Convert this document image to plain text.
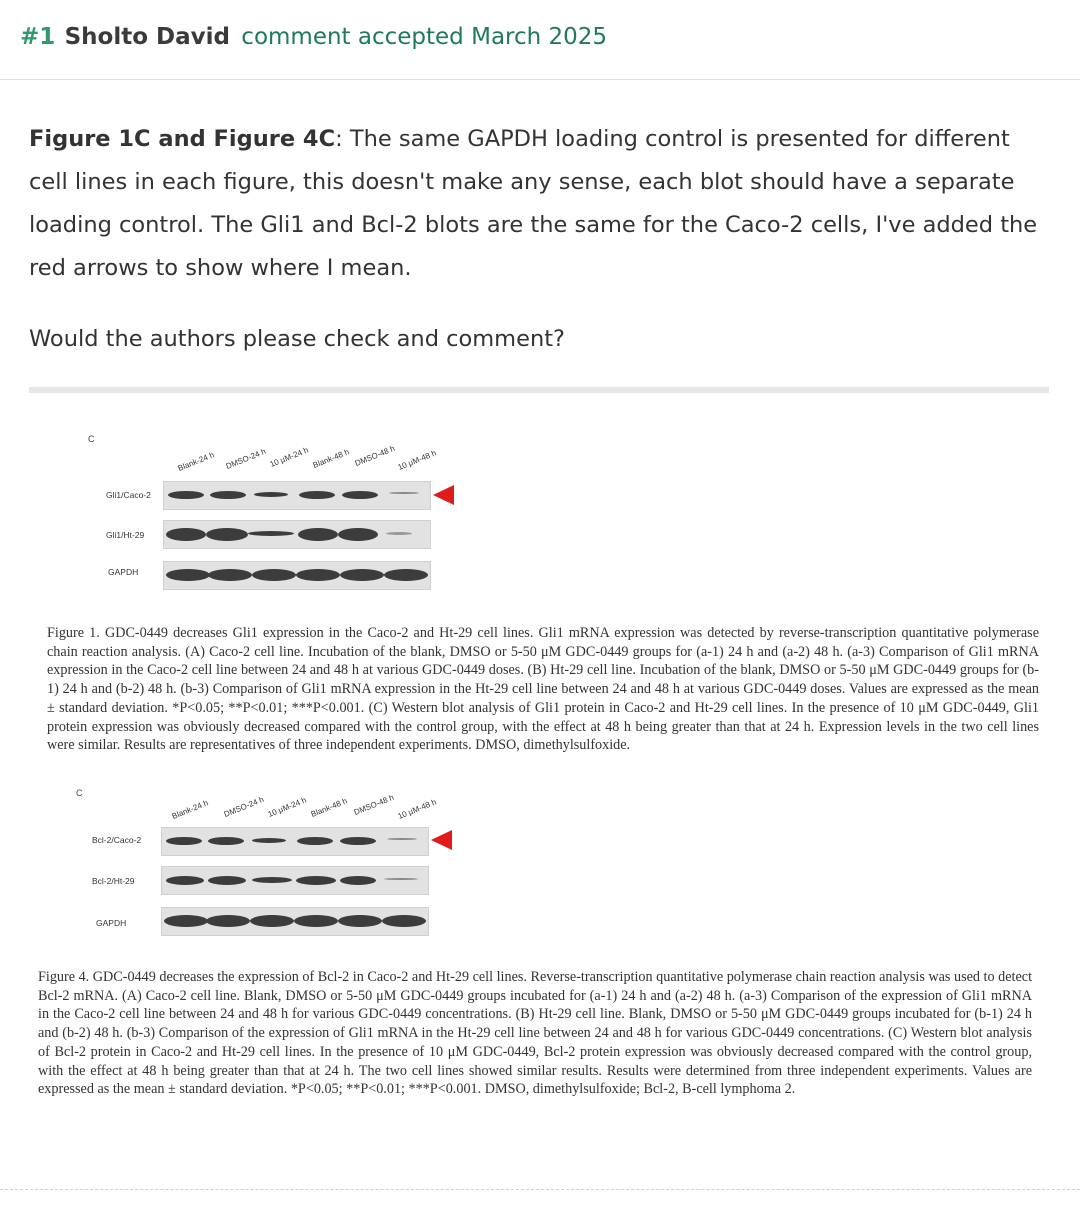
#1 Sholto David comment accepted March 2025
Figure 1C and Figure 4C: The same GAPDH loading control is presented for different cell lines in each figure, this doesn't make any sense, each blot should have a separate loading control. The Gli1 and Bcl-2 blots are the same for the Caco-2 cells, I've added the red arrows to show where I mean.
Would the authors please check and comment?
C
Blank-24 h DMSO-24 h 10 μM-24 h Blank-48 h DMSO-48 h 10 μM-48 h
Gli1/Caco-2
Gli1/Ht-29
GAPDH
Figure 1. GDC-0449 decreases Gli1 expression in the Caco-2 and Ht-29 cell lines. Gli1 mRNA expression was detected by reverse-transcription quantitative polymerase chain reaction analysis. (A) Caco-2 cell line. Incubation of the blank, DMSO or 5-50 μM GDC-0449 groups for (a-1) 24 h and (a-2) 48 h. (a-3) Comparison of Gli1 mRNA expression in the Caco-2 cell line between 24 and 48 h at various GDC-0449 doses. (B) Ht-29 cell line. Incubation of the blank, DMSO or 5-50 μM GDC-0449 groups for (b-1) 24 h and (b-2) 48 h. (b-3) Comparison of Gli1 mRNA expression in the Ht-29 cell line between 24 and 48 h at various GDC-0449 doses. Values are expressed as the mean ± standard deviation. *P<0.05; **P<0.01; ***P<0.001. (C) Western blot analysis of Gli1 protein in Caco-2 and Ht-29 cell lines. In the presence of 10 μM GDC-0449, Gli1 protein expression was obviously decreased compared with the control group, with the effect at 48 h being greater than that at 24 h. Expression levels in the two cell lines were similar. Results are representatives of three independent experiments. DMSO, dimethylsulfoxide.
C
Blank-24 h DMSO-24 h 10 μM-24 h Blank-48 h DMSO-48 h 10 μM-48 h
Bcl-2/Caco-2
Bcl-2/Ht-29
GAPDH
Figure 4. GDC-0449 decreases the expression of Bcl-2 in Caco-2 and Ht-29 cell lines. Reverse-transcription quantitative polymerase chain reaction analysis was used to detect Bcl-2 mRNA. (A) Caco-2 cell line. Blank, DMSO or 5-50 μM GDC-0449 groups incubated for (a-1) 24 h and (a-2) 48 h. (a-3) Comparison of the expression of Gli1 mRNA in the Caco-2 cell line between 24 and 48 h for various GDC-0449 concentrations. (B) Ht-29 cell line. Blank, DMSO or 5-50 μM GDC-0449 groups incubated for (b-1) 24 h and (b-2) 48 h. (b-3) Comparison of the expression of Gli1 mRNA in the Ht-29 cell line between 24 and 48 h for various GDC-0449 concentrations. (C) Western blot analysis of Bcl-2 protein in Caco-2 and Ht-29 cell lines. In the presence of 10 μM GDC-0449, Bcl-2 protein expression was obviously decreased compared with the control group, with the effect at 48 h being greater than that at 24 h. The two cell lines showed similar results. Results were determined from three independent experiments. Values are expressed as the mean ± standard deviation. *P<0.05; **P<0.01; ***P<0.001. DMSO, dimethylsulfoxide; Bcl-2, B-cell lymphoma 2.
